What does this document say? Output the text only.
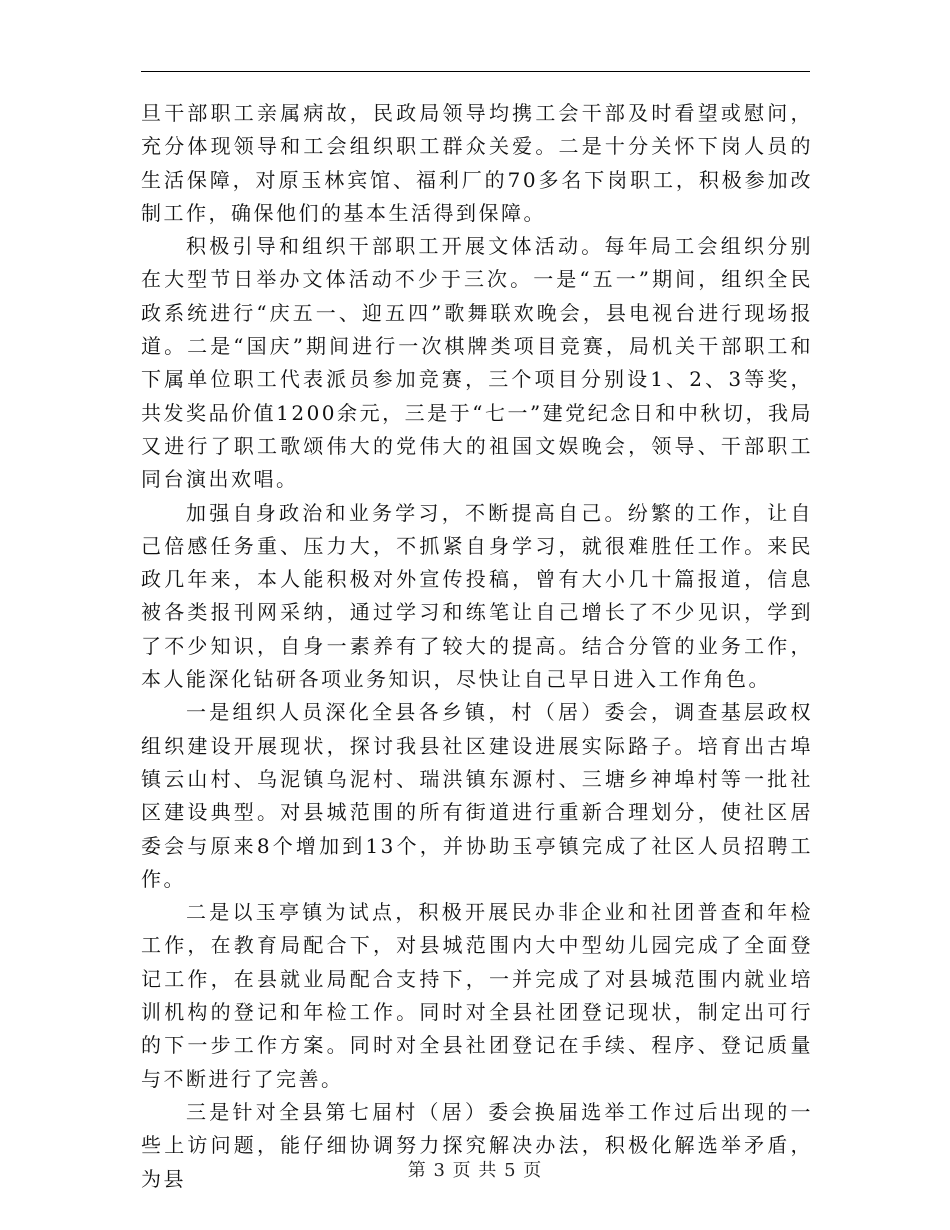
旦干部职工亲属病故，民政局领导均携工会干部及时看望或慰问，充分体现领导和工会组织职工群众关爱。二是十分关怀下岗人员的生活保障，对原玉林宾馆、福利厂的70多名下岗职工，积极参加改制工作，确保他们的基本生活得到保障。

积极引导和组织干部职工开展文体活动。每年局工会组织分别在大型节日举办文体活动不少于三次。一是“五一”期间，组织全民政系统进行“庆五一、迎五四”歌舞联欢晚会，县电视台进行现场报道。二是“国庆”期间进行一次棋牌类项目竞赛，局机关干部职工和下属单位职工代表派员参加竞赛，三个项目分别设1、2、3等奖，共发奖品价值1200余元，三是于“七一”建党纪念日和中秋切，我局又进行了职工歌颂伟大的党伟大的祖国文娱晚会，领导、干部职工同台演出欢唱。

加强自身政治和业务学习，不断提高自己。纷繁的工作，让自己倍感任务重、压力大，不抓紧自身学习，就很难胜任工作。来民政几年来，本人能积极对外宣传投稿，曾有大小几十篇报道，信息被各类报刊网采纳，通过学习和练笔让自己增长了不少见识，学到了不少知识，自身一素养有了较大的提高。结合分管的业务工作，本人能深化钻研各项业务知识，尽快让自己早日进入工作角色。

一是组织人员深化全县各乡镇，村（居）委会，调查基层政权组织建设开展现状，探讨我县社区建设进展实际路子。培育出古埠镇云山村、乌泥镇乌泥村、瑞洪镇东源村、三塘乡神埠村等一批社区建设典型。对县城范围的所有街道进行重新合理划分，使社区居委会与原来8个增加到13个，并协助玉亭镇完成了社区人员招聘工作。

二是以玉亭镇为试点，积极开展民办非企业和社团普查和年检工作，在教育局配合下，对县城范围内大中型幼儿园完成了全面登记工作，在县就业局配合支持下，一并完成了对县城范围内就业培训机构的登记和年检工作。同时对全县社团登记现状，制定出可行的下一步工作方案。同时对全县社团登记在手续、程序、登记质量与不断进行了完善。

三是针对全县第七届村（居）委会换届选举工作过后出现的一些上访问题，能仔细协调努力探究解决办法，积极化解选举矛盾，为县	第 3 页 共 5 页
